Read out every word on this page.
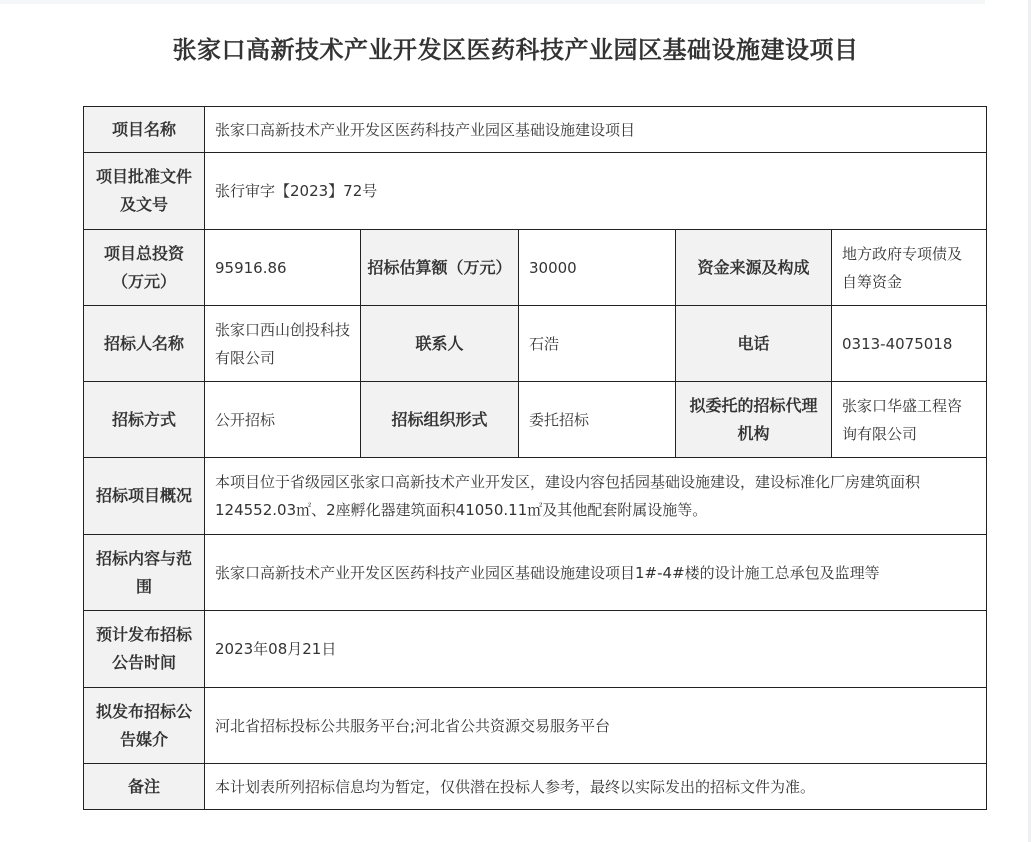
张家口高新技术产业开发区医药科技产业园区基础设施建设项目
项目名称	张家口高新技术产业开发区医药科技产业园区基础设施建设项目				
项目批准文件及文号	张行审字【2023】72号				
项目总投资（万元）	95916.86	招标估算额（万元）	30000	资金来源及构成	地方政府专项债及自筹资金
招标人名称	张家口西山创投科技有限公司	联系人	石浩	电话	0313-4075018
招标方式	公开招标	招标组织形式	委托招标	拟委托的招标代理机构	张家口华盛工程咨询有限公司
招标项目概况	本项目位于省级园区张家口高新技术产业开发区，建设内容包括园基础设施建设，建设标准化厂房建筑面积124552.03㎡、2座孵化器建筑面积41050.11㎡及其他配套附属设施等。				
招标内容与范围	张家口高新技术产业开发区医药科技产业园区基础设施建设项目1#-4#楼的设计施工总承包及监理等				
预计发布招标公告时间	2023年08月21日				
拟发布招标公告媒介	河北省招标投标公共服务平台;河北省公共资源交易服务平台				
备注	本计划表所列招标信息均为暂定，仅供潜在投标人参考，最终以实际发出的招标文件为准。				
